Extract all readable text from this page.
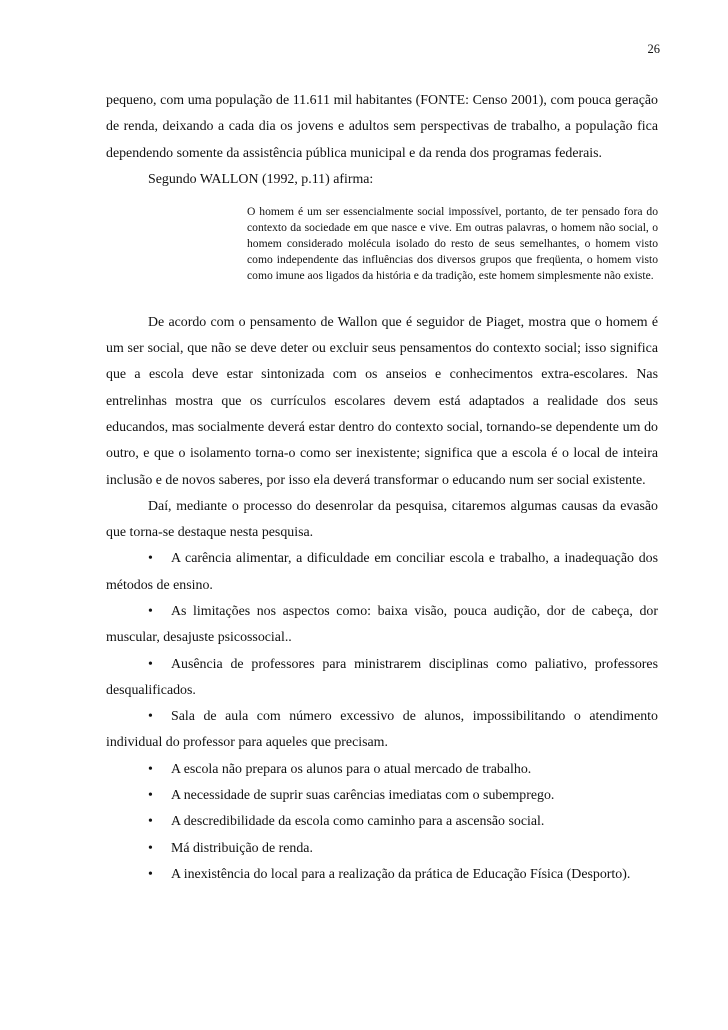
26

pequeno, com uma população de 11.611 mil habitantes (FONTE: Censo 2001), com pouca geração de renda, deixando a cada dia os jovens e adultos sem perspectivas de trabalho, a população fica dependendo somente da assistência pública municipal e da renda dos programas federais.

Segundo WALLON (1992, p.11) afirma:

O homem é um ser essencialmente social impossível, portanto, de ter pensado fora do contexto da sociedade em que nasce e vive. Em outras palavras, o homem não social, o homem considerado molécula isolado do resto de seus semelhantes, o homem visto como independente das influências dos diversos grupos que freqüenta, o homem visto como imune aos ligados da história e da tradição, este homem simplesmente não existe.

De acordo com o pensamento de Wallon que é seguidor de Piaget, mostra que o homem é um ser social, que não se deve deter ou excluir seus pensamentos do contexto social; isso significa que a escola deve estar sintonizada com os anseios e conhecimentos extra-escolares. Nas entrelinhas mostra que os currículos escolares devem está adaptados a realidade dos seus educandos, mas socialmente deverá estar dentro do contexto social, tornando-se dependente um do outro, e que o isolamento torna-o como ser inexistente; significa que a escola é o local de inteira inclusão e de novos saberes, por isso ela deverá transformar o educando num ser social existente.

Daí, mediante o processo do desenrolar da pesquisa, citaremos algumas causas da evasão que torna-se destaque nesta pesquisa.

• A carência alimentar, a dificuldade em conciliar escola e trabalho, a inadequação dos métodos de ensino.

• As limitações nos aspectos como: baixa visão, pouca audição, dor de cabeça, dor muscular, desajuste psicossocial..

• Ausência de professores para ministrarem disciplinas como paliativo, professores desqualificados.

• Sala de aula com número excessivo de alunos, impossibilitando o atendimento individual do professor para aqueles que precisam.

• A escola não prepara os alunos para o atual mercado de trabalho.

• A necessidade de suprir suas carências imediatas com o subemprego.

• A descredibilidade da escola como caminho para a ascensão social.

• Má distribuição de renda.

• A inexistência do local para a realização da prática de Educação Física (Desporto).
